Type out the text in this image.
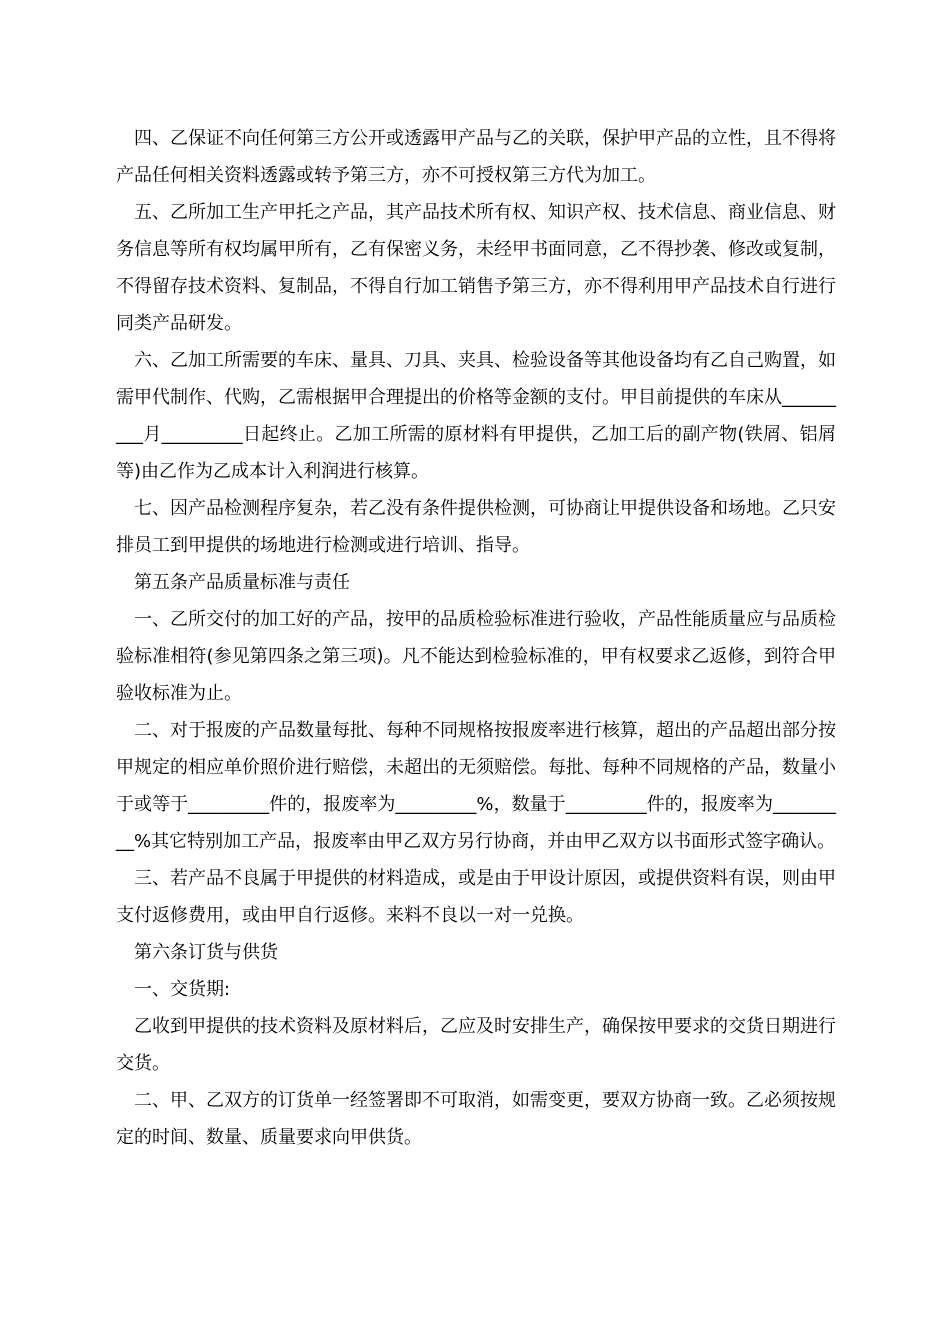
四、乙保证不向任何第三方公开或透露甲产品与乙的关联，保护甲产品的立性，且不得将产品任何相关资料透露或转予第三方，亦不可授权第三方代为加工。

五、乙所加工生产甲托之产品，其产品技术所有权、知识产权、技术信息、商业信息、财务信息等所有权均属甲所有，乙有保密义务，未经甲书面同意，乙不得抄袭、修改或复制，不得留存技术资料、复制品，不得自行加工销售予第三方，亦不得利用甲产品技术自行进行同类产品研发。

六、乙加工所需要的车床、量具、刀具、夹具、检验设备等其他设备均有乙自己购置，如需甲代制作、代购，乙需根据甲合理提出的价格等金额的支付。甲目前提供的车床从_________月_________日起终止。乙加工所需的原材料有甲提供，乙加工后的副产物(铁屑、铝屑等)由乙作为乙成本计入利润进行核算。

七、因产品检测程序复杂，若乙没有条件提供检测，可协商让甲提供设备和场地。乙只安排员工到甲提供的场地进行检测或进行培训、指导。

第五条产品质量标准与责任

一、乙所交付的加工好的产品，按甲的品质检验标准进行验收，产品性能质量应与品质检验标准相符(参见第四条之第三项)。凡不能达到检验标准的，甲有权要求乙返修，到符合甲验收标准为止。

二、对于报废的产品数量每批、每种不同规格按报废率进行核算，超出的产品超出部分按甲规定的相应单价照价进行赔偿，未超出的无须赔偿。每批、每种不同规格的产品，数量小于或等于_________件的，报废率为_________%，数量于_________件的，报废率为_________%其它特别加工产品，报废率由甲乙双方另行协商，并由甲乙双方以书面形式签字确认。

三、若产品不良属于甲提供的材料造成，或是由于甲设计原因，或提供资料有误，则由甲支付返修费用，或由甲自行返修。来料不良以一对一兑换。

第六条订货与供货

一、交货期:

乙收到甲提供的技术资料及原材料后，乙应及时安排生产，确保按甲要求的交货日期进行交货。

二、甲、乙双方的订货单一经签署即不可取消，如需变更，要双方协商一致。乙必须按规定的时间、数量、质量要求向甲供货。
